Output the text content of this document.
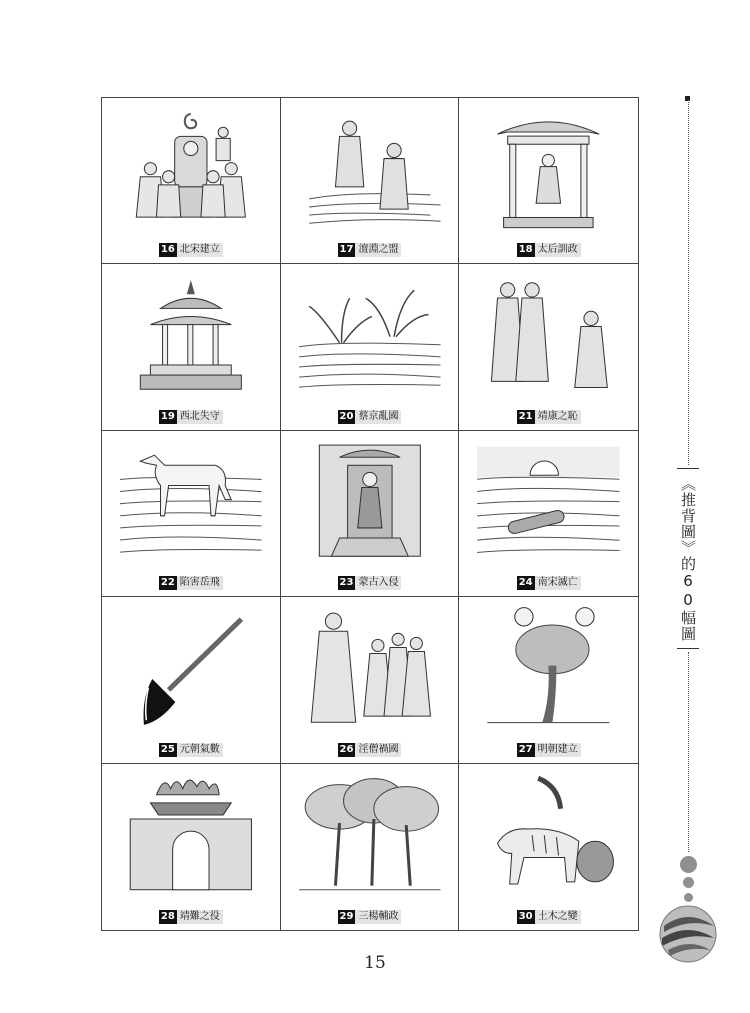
16 北宋建立	17 澶淵之盟	18 太后訓政
19 西北失守	20 蔡京亂國	21 靖康之恥
22 陷害岳飛	23 蒙古入侵	24 南宋滅亡
25 元朝氣數	26 淫僧禍國	27 明朝建立
28 靖難之役	29 三楊輔政	30 土木之變
《推背圖》的60幅圖
15
